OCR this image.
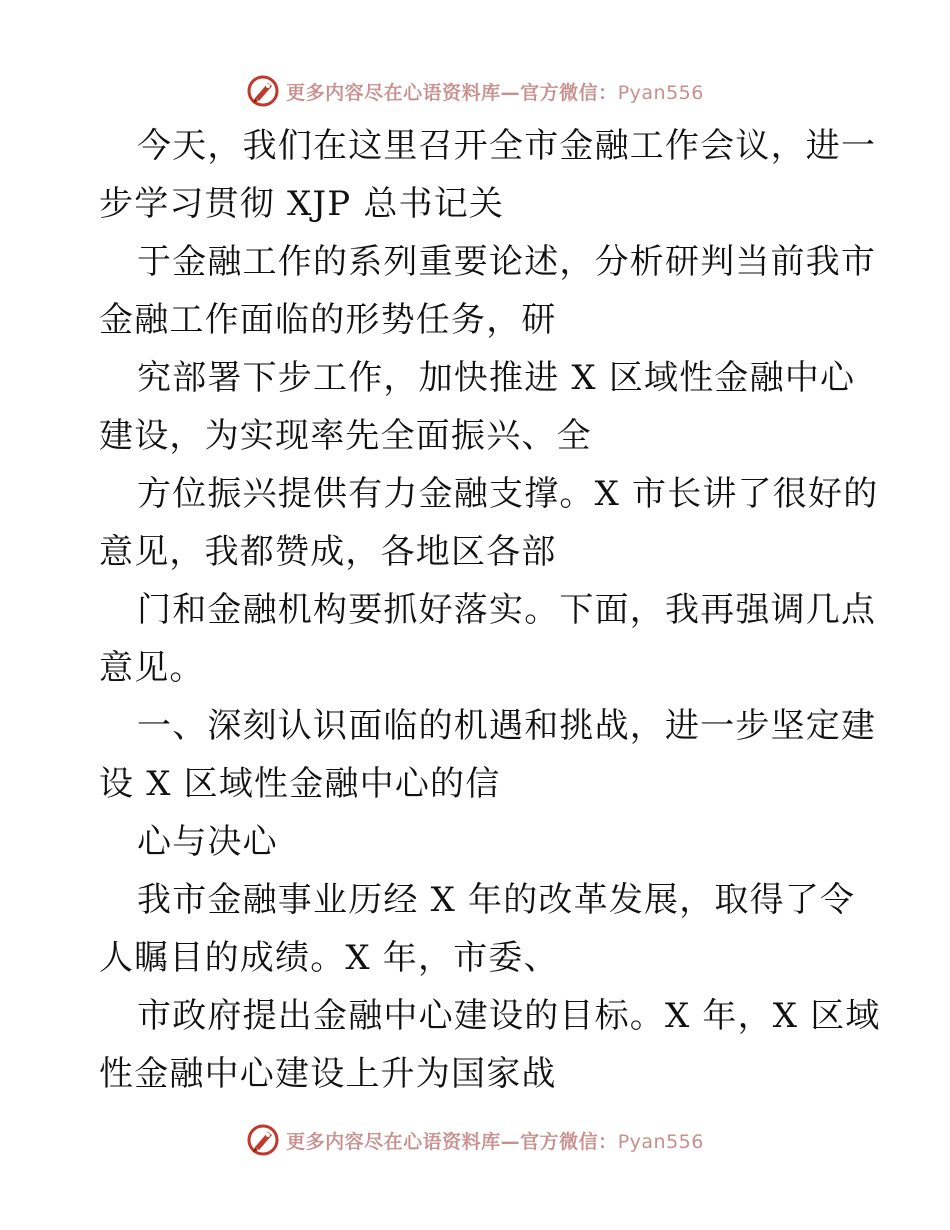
更多内容尽在心语资料库—官方微信：Pyan556
今天，我们在这里召开全市金融工作会议，进一
步学习贯彻 XJP 总书记关
于金融工作的系列重要论述，分析研判当前我市
金融工作面临的形势任务，研
究部署下步工作，加快推进 X 区域性金融中心
建设，为实现率先全面振兴、全
方位振兴提供有力金融支撑。X 市长讲了很好的
意见，我都赞成，各地区各部
门和金融机构要抓好落实。下面，我再强调几点
意见。
一、深刻认识面临的机遇和挑战，进一步坚定建
设 X 区域性金融中心的信
心与决心
我市金融事业历经 X 年的改革发展，取得了令
人瞩目的成绩。X 年，市委、
市政府提出金融中心建设的目标。X 年，X 区域
性金融中心建设上升为国家战
更多内容尽在心语资料库—官方微信：Pyan556
